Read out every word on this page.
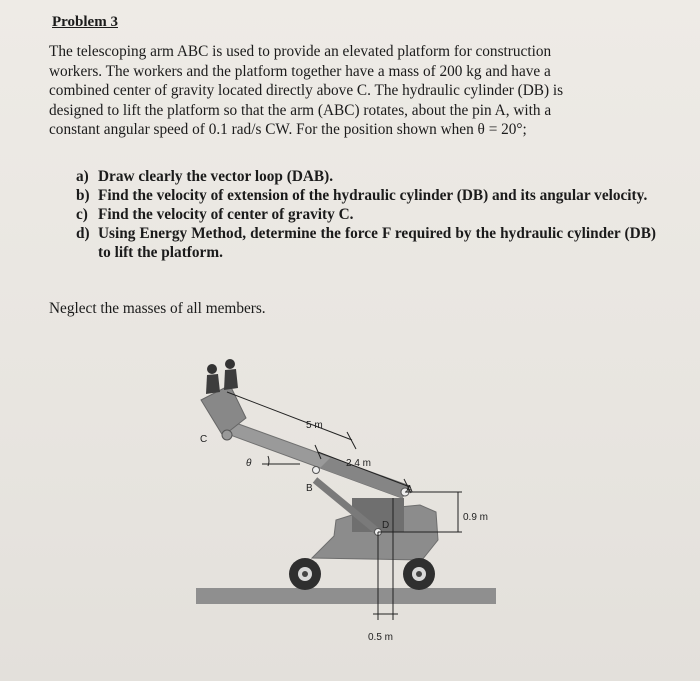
Problem 3
The telescoping arm ABC is used to provide an elevated platform for construction
workers. The workers and the platform together have a mass of 200 kg and have a
combined center of gravity located directly above C. The hydraulic cylinder (DB) is
designed to lift the platform so that the arm (ABC) rotates, about the pin A, with a
constant angular speed of 0.1 rad/s CW. For the position shown when θ = 20°;
a) Draw clearly the vector loop (DAB).
b) Find the velocity of extension of the hydraulic cylinder (DB) and its angular velocity.
c) Find the velocity of center of gravity C.
d) Using Energy Method, determine the force F required by the hydraulic cylinder (DB) to lift the platform.
Neglect the masses of all members.
5 m
2.4 m
θ
0.9 m
0.5 m
C
B	A
D
